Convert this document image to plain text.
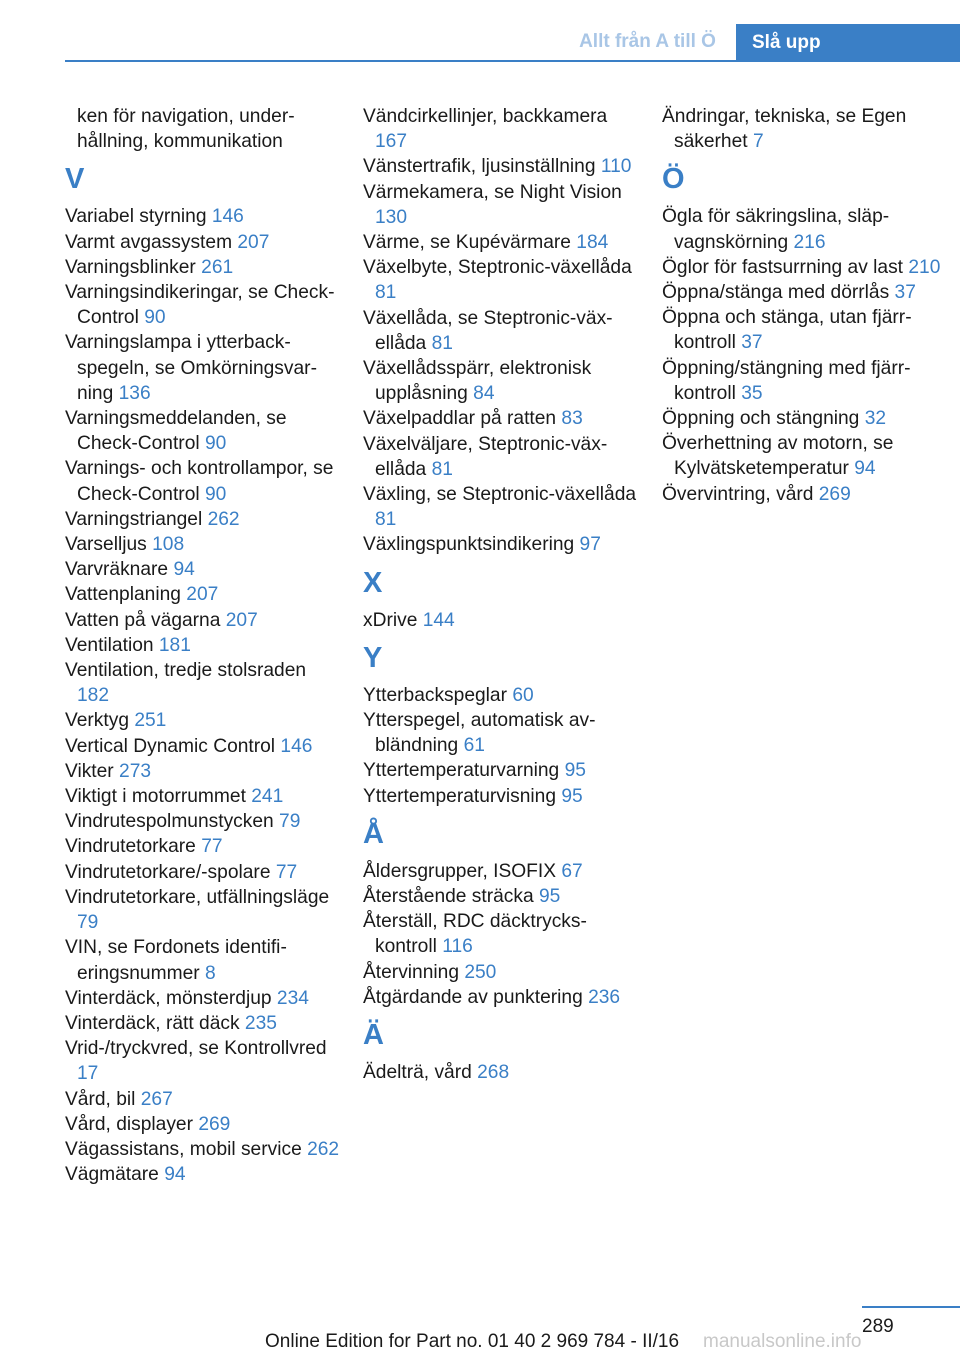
Allt från A till Ö	Slå upp
ken för navigation, under-
hållning, kommunikation
V
Variabel styrning 146
Varmt avgassystem 207
Varningsblinker 261
Varningsindikeringar, se Check-Control 90
Varningslampa i ytterbackspegeln, se Omkörningsvarning 136
Varningsmeddelanden, se Check-Control 90
Varnings- och kontrollampor, se Check-Control 90
Varningstriangel 262
Varselljus 108
Varvräknare 94
Vattenplaning 207
Vatten på vägarna 207
Ventilation 181
Ventilation, tredje stolsraden 182
Verktyg 251
Vertical Dynamic Control 146
Vikter 273
Viktigt i motorrummet 241
Vindrutespolmunstycken 79
Vindrutetorkare 77
Vindrutetorkare/-spolare 77
Vindrutetorkare, utfällningsläge 79
VIN, se Fordonets identifieringsnummer 8
Vinterdäck, mönsterdjup 234
Vinterdäck, rätt däck 235
Vrid-/tryckvred, se Kontrollvred 17
Vård, bil 267
Vård, displayer 269
Vägassistans, mobil service 262
Vägmätare 94
Vändcirkellinjer, backkamera 167
Vänstertrafik, ljusinställning 110
Värmekamera, se Night Vision 130
Värme, se Kupévärmare 184
Växelbyte, Steptronic-växellåda 81
Växellåda, se Steptronic-växellåda 81
Växellådsspärr, elektronisk upplåsning 84
Växelpaddlar på ratten 83
Växelväljare, Steptronic-växellåda 81
Växling, se Steptronic-växellåda 81
Växlingspunktsindikering 97
X
xDrive 144
Y
Ytterbackspeglar 60
Ytterspegel, automatisk avbländning 61
Yttertemperaturvarning 95
Yttertemperaturvisning 95
Å
Åldersgrupper, ISOFIX 67
Återstående sträcka 95
Återställ, RDC däcktryckskontroll 116
Återvinning 250
Åtgärdande av punktering 236
Ä
Ädelträ, vård 268
Ändringar, tekniska, se Egen säkerhet 7
Ö
Ögla för säkringslina, släpvagnskörning 216
Öglor för fastsurrning av last 210
Öppna/stänga med dörrlås 37
Öppna och stänga, utan fjärrkontroll 37
Öppning/stängning med fjärrkontroll 35
Öppning och stängning 32
Överhettning av motorn, se Kylvätsketemperatur 94
Övervintring, vård 269
289
Online Edition for Part no. 01 40 2 969 784 - II/16 manualsonline.info
